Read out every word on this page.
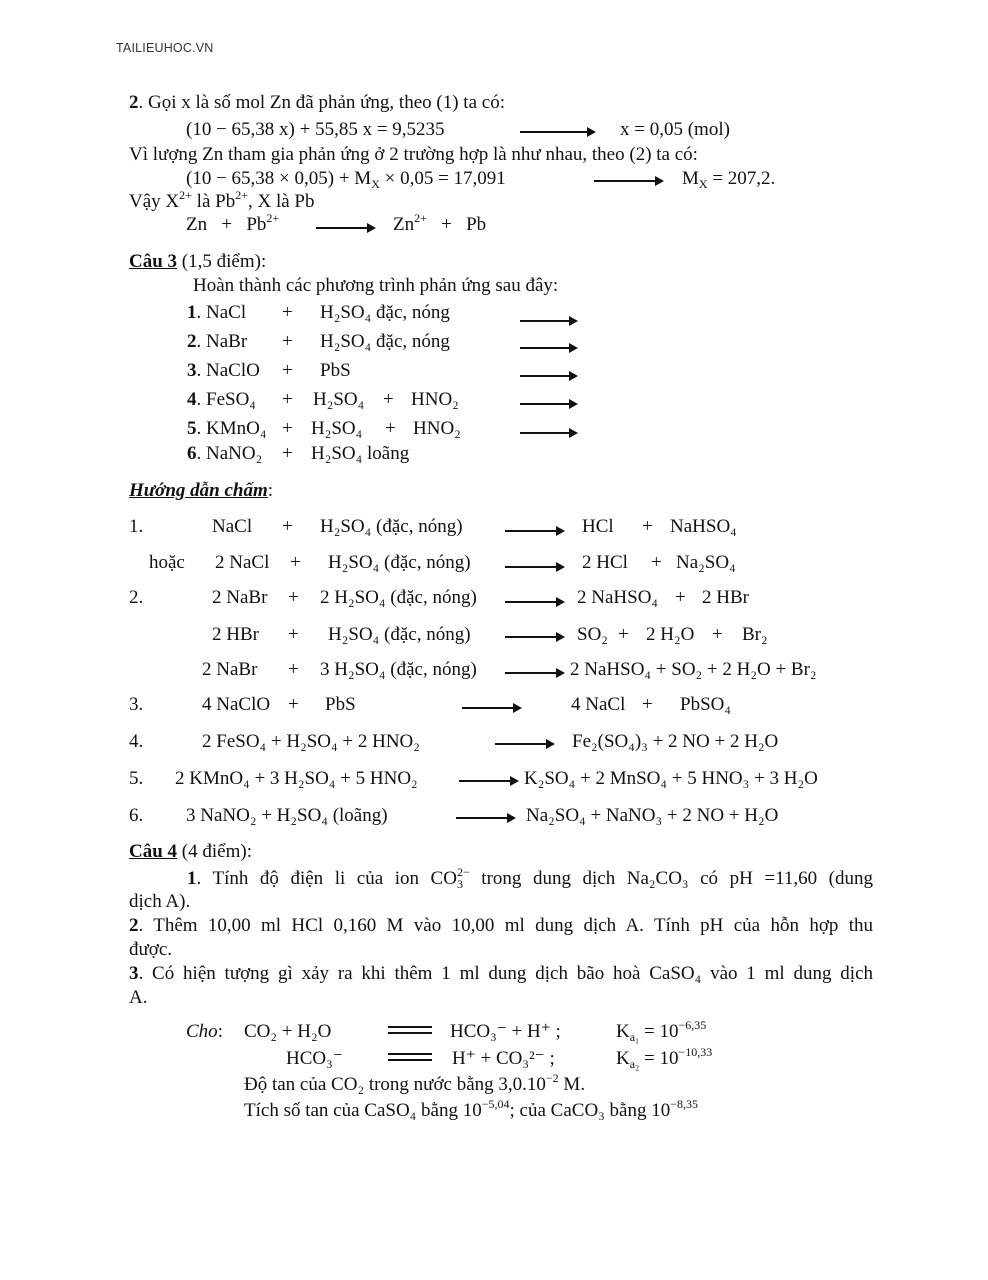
TAILIEUHOC.VN
2. Gọi x là số mol Zn đã phản ứng, theo (1) ta có:
(10 − 65,38 x) + 55,85 x = 9,5235	x = 0,05 (mol)
Vì lượng Zn tham gia phản ứng ở 2 trường hợp là như nhau, theo (2) ta có:
$(10 - 65,38 \times 0,05) + M_X \times 0,05 = 17,091$	$M_X = 207,2$.
Vậy $X^{2+}$ là $Pb^{2+}$, X là Pb
$Zn + Pb^{2+} \to Zn^{2+} + Pb$
Câu 3 (1,5 điểm):
Hoàn thành các phương trình phản ứng sau đây:
1. NaCl + H₂SO₄ đặc, nóng
2. NaBr + H₂SO₄ đặc, nóng
3. NaClO + PbS
4. FeSO₄ + H₂SO₄ + HNO₂
5. KMnO₄ + H₂SO₄ + HNO₂
6. NaNO₂ + H₂SO₄ loãng
Hướng dẫn chấm:
1.	NaCl + H₂SO₄ (đặc, nóng)	→ HCl + NaHSO₄
hoặc 2 NaCl + H₂SO₄ (đặc, nóng) → 2 HCl + Na₂SO₄
2.	2 NaBr + 2 H₂SO₄ (đặc, nóng) → 2 NaHSO₄ + 2 HBr
2 HBr + H₂SO₄ (đặc, nóng) → SO₂ + 2 H₂O + Br₂
2 NaBr + 3 H₂SO₄ (đặc, nóng) → 2 NaHSO₄ + SO₂ + 2 H₂O + Br₂
3.	4 NaClO + PbS	4 NaCl + PbSO₄
4.	2 FeSO₄ + H₂SO₄ + 2 HNO₂	→ Fe₂(SO₄)₃ + 2 NO + 2 H₂O
5. 2 KMnO₄ + 3 H₂SO₄ + 5 HNO₂	→ K₂SO₄ + 2 MnSO₄ + 5 HNO₃ + 3 H₂O
6. 3 NaNO₂ + H₂SO₄ (loãng)	→ Na₂SO₄ + NaNO₃ + 2 NO + H₂O
Câu 4 (4 điểm):
1. Tính độ điện li của ion $CO_3^{2-}$ trong dung dịch Na₂CO₃ có pH =11,60 (dung
dịch A).
2. Thêm 10,00 ml HCl 0,160 M vào 10,00 ml dung dịch A. Tính pH của hỗn hợp thu
được.
3. Có hiện tượng gì xảy ra khi thêm 1 ml dung dịch bão hoà CaSO₄ vào 1 ml dung dịch
A.
Cho: CO₂ + H₂O	HCO₃⁻ + H⁺ ;	$K_{a_1} = 10^{-6,35}$
HCO₃⁻	H⁺ + CO₃²⁻ ;	$K_{a_2} = 10^{-10,33}$
Độ tan của CO₂ trong nước bằng $3,0.10^{-2}$ M.
Tích số tan của CaSO₄ bằng $10^{-5,04}$; của CaCO₃ bằng $10^{-8,35}$
